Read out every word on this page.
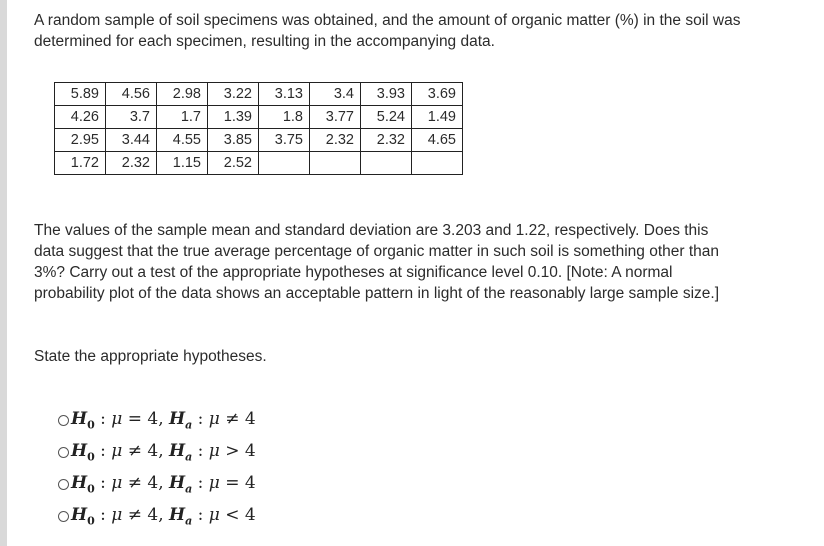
A random sample of soil specimens was obtained, and the amount of organic matter (%) in the soil was determined for each specimen, resulting in the accompanying data.

5.89	4.56	2.98	3.22	3.13	3.4	3.93	3.69
4.26	3.7	1.7	1.39	1.8	3.77	5.24	1.49
2.95	3.44	4.55	3.85	3.75	2.32	2.32	4.65
1.72	2.32	1.15	2.52				

The values of the sample mean and standard deviation are 3.203 and 1.22, respectively. Does this data suggest that the true average percentage of organic matter in such soil is something other than 3%? Carry out a test of the appropriate hypotheses at significance level 0.10. [Note: A normal probability plot of the data shows an acceptable pattern in light of the reasonably large sample size.]

State the appropriate hypotheses.

$H_0$ : μ = 4, $H_a$ : μ ≠ 4
$H_0$ : μ ≠ 4, $H_a$ : μ > 4
$H_0$ : μ ≠ 4, $H_a$ : μ = 4
$H_0$ : μ ≠ 4, $H_a$ : μ < 4
